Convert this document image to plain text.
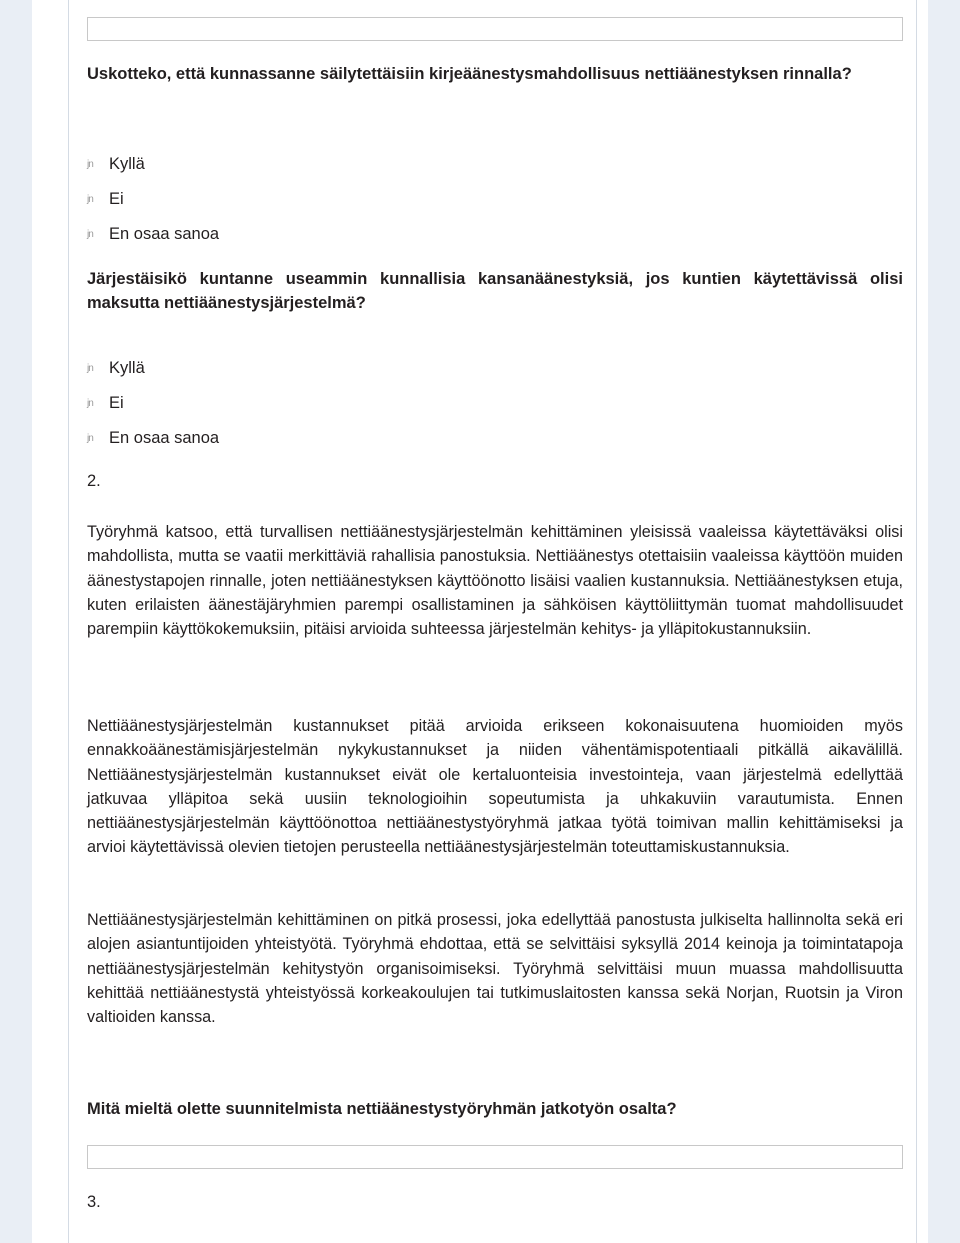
Uskotteko, että kunnassanne säilytettäisiin kirjeäänestysmahdollisuus nettiäänestyksen rinnalla?
jn Kyllä
jn Ei
jn En osaa sanoa
Järjestäisikö kuntanne useammin kunnallisia kansanäänestyksiä, jos kuntien käytettävissä olisi maksutta nettiäänestysjärjestelmä?
jn Kyllä
jn Ei
jn En osaa sanoa
2.
Työryhmä katsoo, että turvallisen nettiäänestysjärjestelmän kehittäminen yleisissä vaaleissa käytettäväksi olisi mahdollista, mutta se vaatii merkittäviä rahallisia panostuksia. Nettiäänestys otettaisiin vaaleissa käyttöön muiden äänestystapojen rinnalle, joten nettiäänestyksen käyttöönotto lisäisi vaalien kustannuksia. Nettiäänestyksen etuja, kuten erilaisten äänestäjäryhmien parempi osallistaminen ja sähköisen käyttöliittymän tuomat mahdollisuudet parempiin käyttökokemuksiin, pitäisi arvioida suhteessa järjestelmän kehitys- ja ylläpitokustannuksiin.
Nettiäänestysjärjestelmän kustannukset pitää arvioida erikseen kokonaisuutena huomioiden myös ennakkoäänestämisjärjestelmän nykykustannukset ja niiden vähentämispotentiaali pitkällä aikavälillä. Nettiäänestysjärjestelmän kustannukset eivät ole kertaluonteisia investointeja, vaan järjestelmä edellyttää jatkuvaa ylläpitoa sekä uusiin teknologioihin sopeutumista ja uhkakuviin varautumista. Ennen nettiäänestysjärjestelmän käyttöönottoa nettiäänestystyöryhmä jatkaa työtä toimivan mallin kehittämiseksi ja arvioi käytettävissä olevien tietojen perusteella nettiäänestysjärjestelmän toteuttamiskustannuksia.
Nettiäänestysjärjestelmän kehittäminen on pitkä prosessi, joka edellyttää panostusta julkiselta hallinnolta sekä eri alojen asiantuntijoiden yhteistyötä. Työryhmä ehdottaa, että se selvittäisi syksyllä 2014 keinoja ja toimintatapoja nettiäänestysjärjestelmän kehitystyön organisoimiseksi. Työryhmä selvittäisi muun muassa mahdollisuutta kehittää nettiäänestystä yhteistyössä korkeakoulujen tai tutkimuslaitosten kanssa sekä Norjan, Ruotsin ja Viron valtioiden kanssa.
Mitä mieltä olette suunnitelmista nettiäänestystyöryhmän jatkotyön osalta?
3.
